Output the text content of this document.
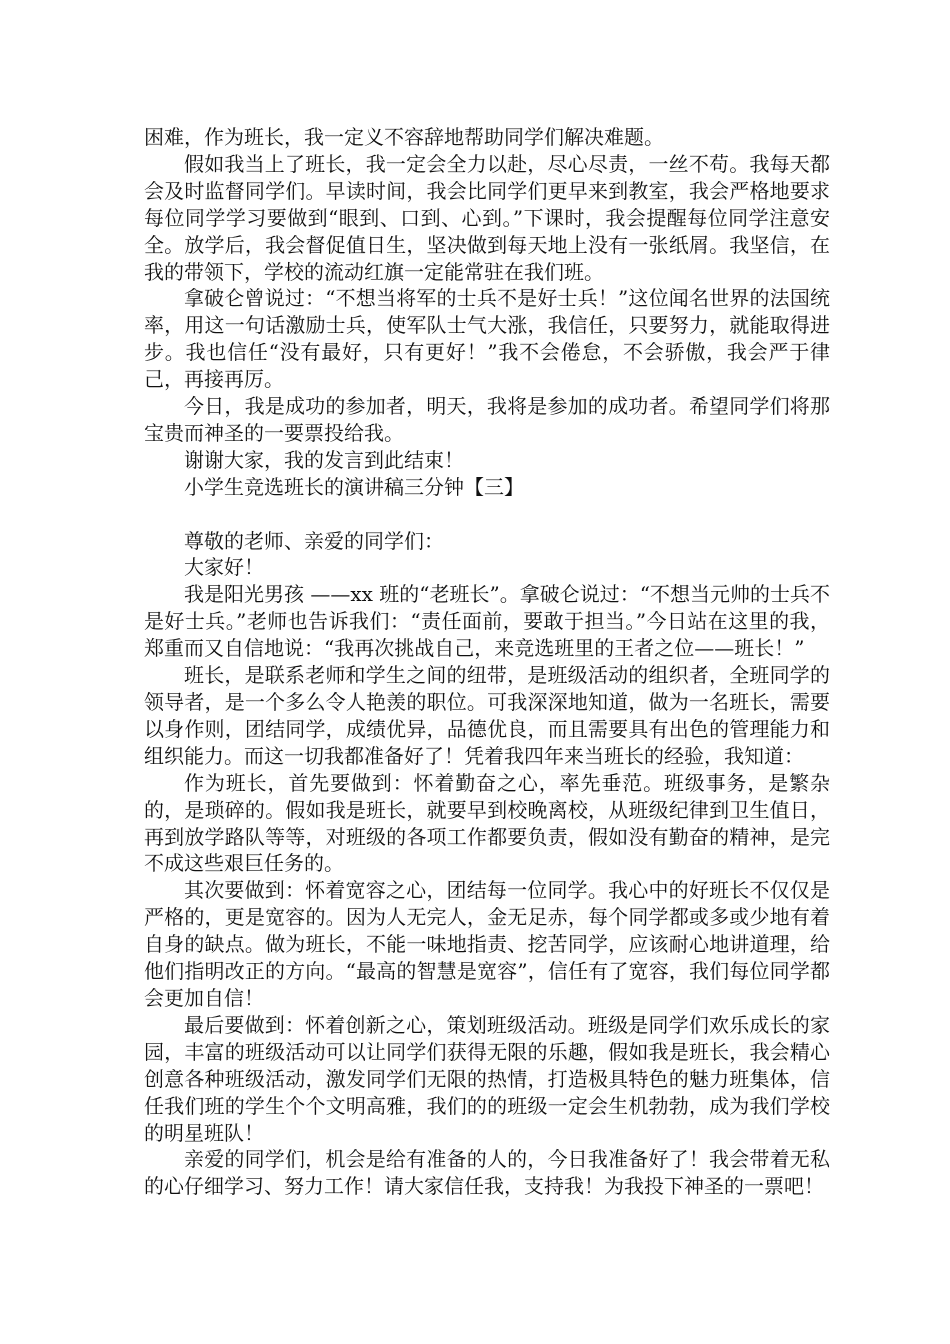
困难，作为班长，我一定义不容辞地帮助同学们解决难题。

假如我当上了班长，我一定会全力以赴，尽心尽责，一丝不苟。我每天都会及时监督同学们。早读时间，我会比同学们更早来到教室，我会严格地要求每位同学学习要做到“眼到、口到、心到。”下课时，我会提醒每位同学注意安全。放学后，我会督促值日生，坚决做到每天地上没有一张纸屑。我坚信，在我的带领下，学校的流动红旗一定能常驻在我们班。

拿破仑曾说过：“不想当将军的士兵不是好士兵！”这位闻名世界的法国统率，用这一句话激励士兵，使军队士气大涨，我信任，只要努力，就能取得进步。我也信任“没有最好，只有更好！”我不会倦怠，不会骄傲，我会严于律己，再接再厉。

今日，我是成功的参加者，明天，我将是参加的成功者。希望同学们将那宝贵而神圣的一要票投给我。

谢谢大家，我的发言到此结束！

小学生竞选班长的演讲稿三分钟【三】

尊敬的老师、亲爱的同学们：

大家好！

我是阳光男孩 ——xx 班的“老班长”。拿破仑说过：“不想当元帅的士兵不是好士兵。”老师也告诉我们：“责任面前，要敢于担当。”今日站在这里的我，郑重而又自信地说：“我再次挑战自己，来竞选班里的王者之位——班长！”

班长，是联系老师和学生之间的纽带，是班级活动的组织者，全班同学的领导者，是一个多么令人艳羡的职位。可我深深地知道，做为一名班长，需要以身作则，团结同学，成绩优异，品德优良，而且需要具有出色的管理能力和组织能力。而这一切我都准备好了！凭着我四年来当班长的经验，我知道：

作为班长，首先要做到：怀着勤奋之心，率先垂范。班级事务，是繁杂的，是琐碎的。假如我是班长，就要早到校晚离校，从班级纪律到卫生值日，再到放学路队等等，对班级的各项工作都要负责，假如没有勤奋的精神，是完不成这些艰巨任务的。

其次要做到：怀着宽容之心，团结每一位同学。我心中的好班长不仅仅是严格的，更是宽容的。因为人无完人，金无足赤，每个同学都或多或少地有着自身的缺点。做为班长，不能一味地指责、挖苦同学，应该耐心地讲道理，给他们指明改正的方向。“最高的智慧是宽容”，信任有了宽容，我们每位同学都会更加自信！

最后要做到：怀着创新之心，策划班级活动。班级是同学们欢乐成长的家园，丰富的班级活动可以让同学们获得无限的乐趣，假如我是班长，我会精心创意各种班级活动，激发同学们无限的热情，打造极具特色的魅力班集体，信任我们班的学生个个文明高雅，我们的的班级一定会生机勃勃，成为我们学校的明星班队！

亲爱的同学们，机会是给有准备的人的，今日我准备好了！我会带着无私的心仔细学习、努力工作！请大家信任我，支持我！为我投下神圣的一票吧！
